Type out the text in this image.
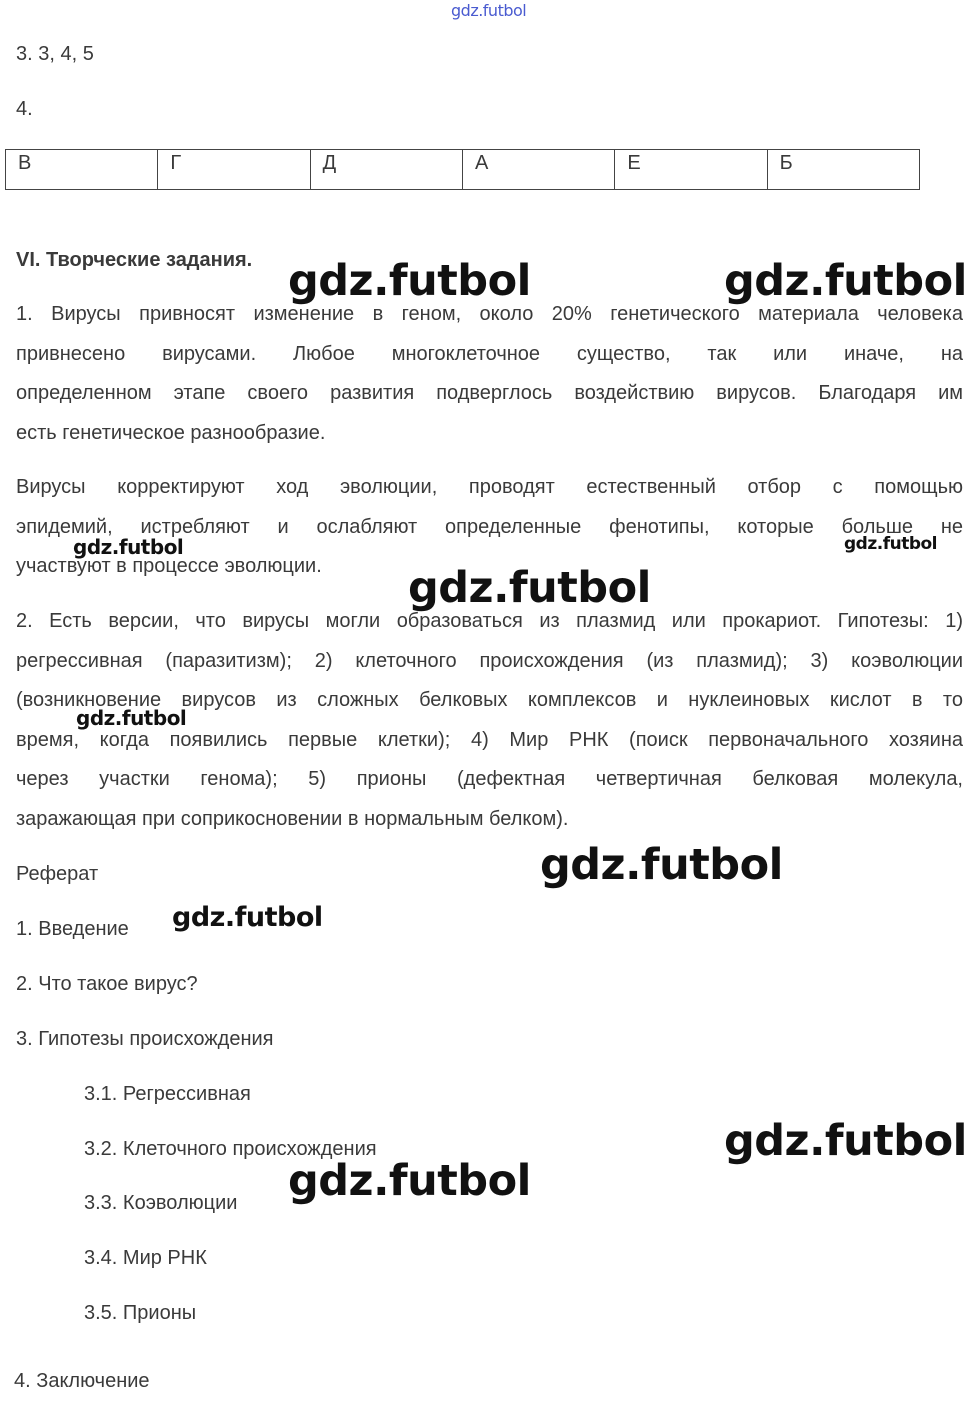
gdz.futbol
3. 3, 4, 5
4.
В	Г	Д	А	Е	Б
VI. Творческие задания.
1. Вирусы привносят изменение в геном, около 20% генетического материала человека
привнесено вирусами. Любое многоклеточное существо, так или иначе, на
определенном этапе своего развития подверглось воздействию вирусов. Благодаря им
есть генетическое разнообразие.
Вирусы корректируют ход эволюции, проводят естественный отбор с помощью
эпидемий, истребляют и ослабляют определенные фенотипы, которые больше не
участвуют в процессе эволюции.
2. Есть версии, что вирусы могли образоваться из плазмид или прокариот. Гипотезы: 1)
регрессивная (паразитизм); 2) клеточного происхождения (из плазмид); 3) коэволюции
(возникновение вирусов из сложных белковых комплексов и нуклеиновых кислот в то
время, когда появились первые клетки); 4) Мир РНК (поиск первоначального хозяина
через участки генома); 5) прионы (дефектная четвертичная белковая молекула,
заражающая при соприкосновении в нормальным белком).
Реферат
1. Введение
2. Что такое вирус?
3. Гипотезы происхождения
3.1. Регрессивная
3.2. Клеточного происхождения
3.3. Коэволюции
3.4. Мир РНК
3.5. Прионы
4. Заключение
gdz.futbol	gdz.futbol
gdz.futbol	gdz.futbol
gdz.futbol
gdz.futbol
gdz.futbol
gdz.futbol
gdz.futbol
gdz.futbol
